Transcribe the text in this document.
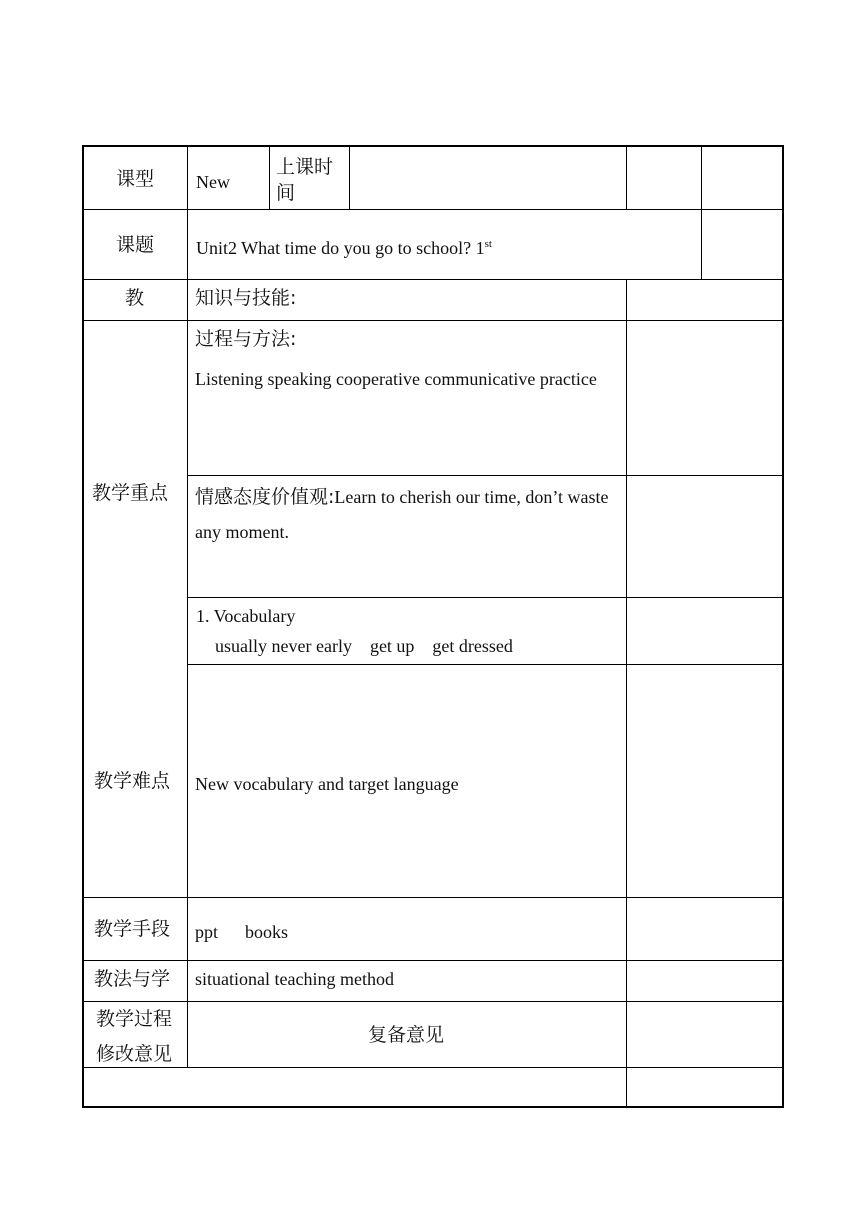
课型 New
上课时间
课题 Unit2 What time do you go to school? 1st
教	知识与技能:
过程与方法:
Listening speaking cooperative communicative practice
教学重点 情感态度价值观:Learn to cherish our time, don’t waste any moment.
1. Vocabulary
usually never early    get up    get dressed
教学难点 New vocabulary and target language
教学手段 ppt      books
教法与学 situational teaching method
教学过程
修改意见
复备意见
